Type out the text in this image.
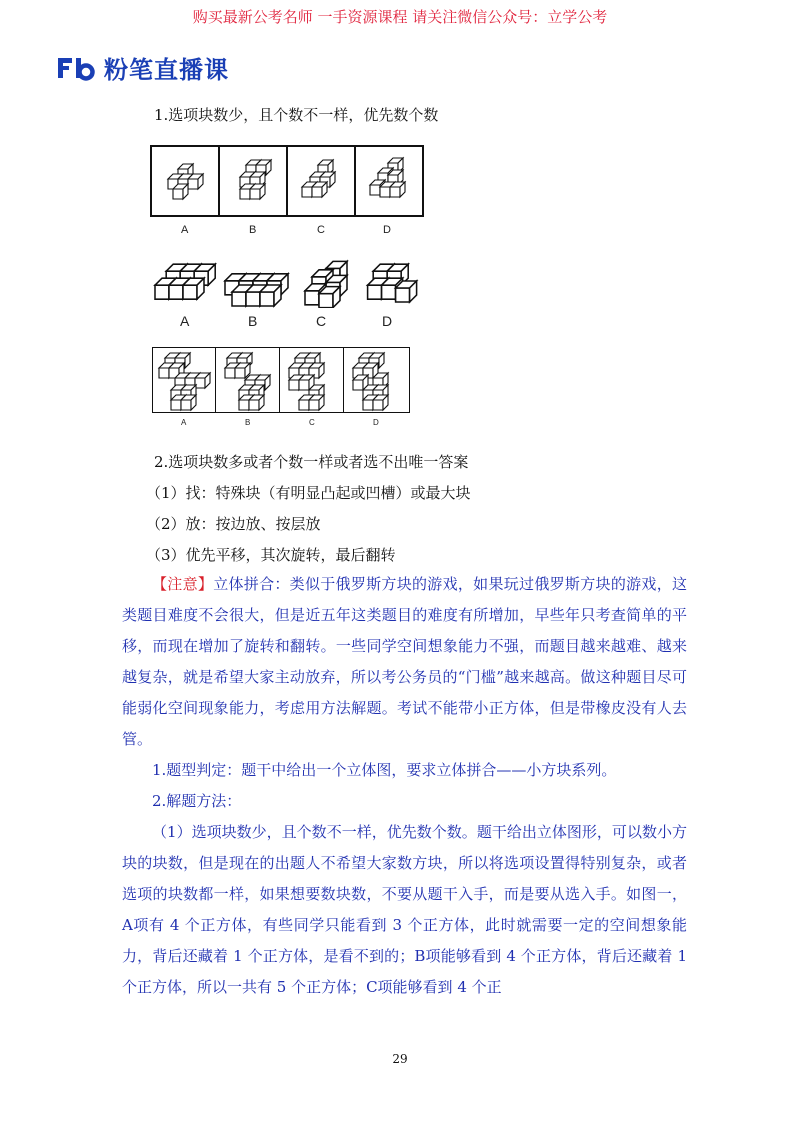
购买最新公考名师 一手资源课程 请关注微信公众号：立学公考
粉笔直播课
1.选项块数少，且个数不一样，优先数个数
A	B	C	D
A	B	C	D
A	B	C	D
2.选项块数多或者个数一样或者选不出唯一答案
（1）找：特殊块（有明显凸起或凹槽）或最大块
（2）放：按边放、按层放
（3）优先平移，其次旋转，最后翻转

【注意】立体拼合：类似于俄罗斯方块的游戏，如果玩过俄罗斯方块的游戏，这类题目难度不会很大，但是近五年这类题目的难度有所增加，早些年只考查简单的平移，而现在增加了旋转和翻转。一些同学空间想象能力不强，而题目越来越难、越来越复杂，就是希望大家主动放弃，所以考公务员的“门槛”越来越高。做这种题目尽可能弱化空间现象能力，考虑用方法解题。考试不能带小正方体，但是带橡皮没有人去管。

1.题型判定：题干中给出一个立体图，要求立体拼合——小方块系列。

2.解题方法：

（1）选项块数少，且个数不一样，优先数个数。题干给出立体图形，可以数小方块的块数，但是现在的出题人不希望大家数方块，所以将选项设置得特别复杂，或者选项的块数都一样，如果想要数块数，不要从题干入手，而是要从选入手。如图一，A项有 4 个正方体，有些同学只能看到 3 个正方体，此时就需要一定的空间想象能力，背后还藏着 1 个正方体，是看不到的；B项能够看到 4 个正方体，背后还藏着 1 个正方体，所以一共有 5 个正方体；C项能够看到 4 个正

29
